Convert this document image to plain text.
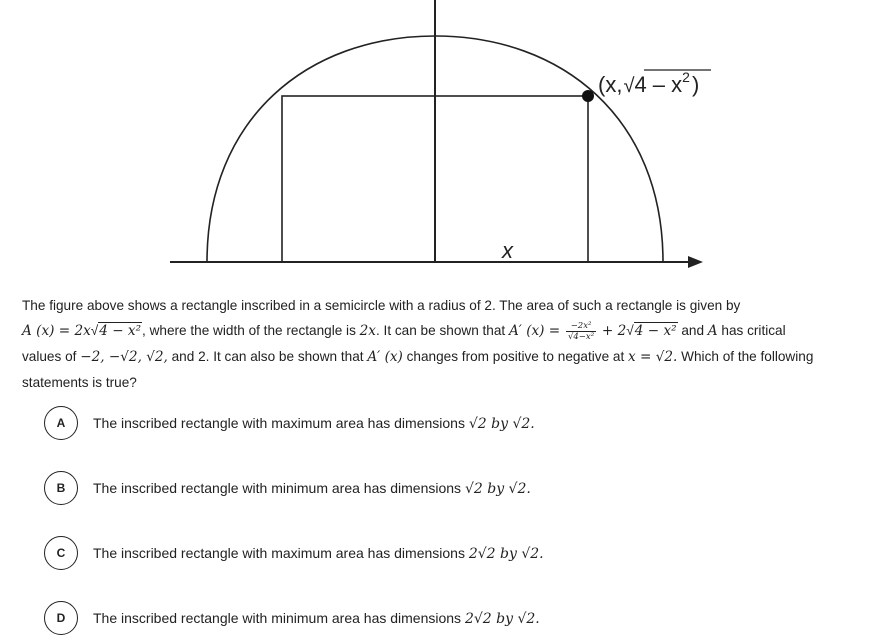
$(x,√4 - x^2)$
x

The figure above shows a rectangle inscribed in a semicircle with a radius of 2. The area of such a rectangle is given by

A (x) = 2x√4 − x², where the width of the rectangle is 2x. It can be shown that A′ $(x) = \frac{\text{−2x²}}{\text{√4−x²}} + 2√4 - x^2$ and A has critical

values of −2, −√2, √2, and 2. It can also be shown that A′ (x) changes from positive to negative at x = √2. Which of the following statements is true?

A	The inscribed rectangle with maximum area has dimensions √2 by √2.
B	The inscribed rectangle with minimum area has dimensions √2 by √2.
C	The inscribed rectangle with maximum area has dimensions 2√2 by √2.
D	The inscribed rectangle with minimum area has dimensions 2√2 by √2.
